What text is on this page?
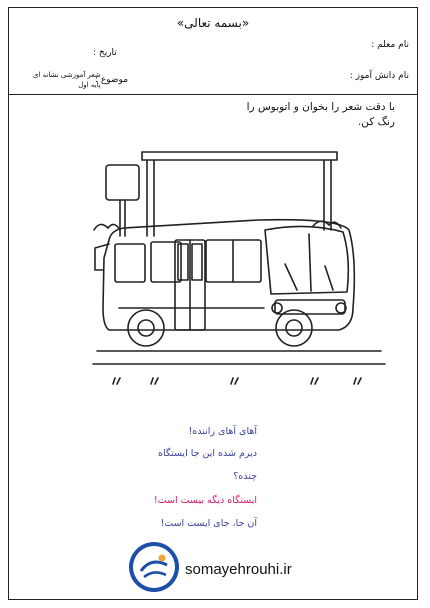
«بسمه تعالی»
نام معلم :
تاریخ :
نام دانش آموز :
موضوع :
شعر آموزشی نشانه ای
پایه اول
با دقت شعر را بخوان و اتوبوس را
رنگ کن.
آهای آهای راننده!
دیرم شده این جا ایستگاه
چنده؟
ایستگاه دیگه بیست است!
آن جا، جای ایست است!
somayehrouhi.ir
